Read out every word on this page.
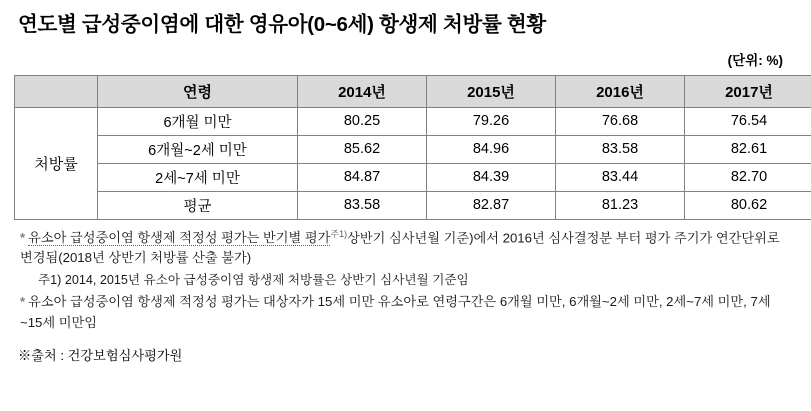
연도별 급성중이염에 대한 영유아(0~6세) 항생제 처방률 현황
(단위: %)
	연령	2014년	2015년	2016년	2017년
처방률	6개월 미만	80.25	79.26	76.68	76.54
	6개월~2세 미만	85.62	84.96	83.58	82.61
	2세~7세 미만	84.87	84.39	83.44	82.70
	평균	83.58	82.87	81.23	80.62
* 유소아 급성중이염 항생제 적정성 평가는 반기별 평가$^{주1)}$상반기 심사년월 기준)에서 2016년 심사결정분 부터 평가 주기가 연간단위로 변경됨(2018년 상반기 처방률 산출 불가)
주1) 2014, 2015년 유소아 급성중이염 항생제 처방률은 상반기 심사년월 기준임
* 유소아 급성중이염 항생제 적정성 평가는 대상자가 15세 미만 유소아로 연령구간은 6개월 미만, 6개월~2세 미만, 2세~7세 미만, 7세~15세 미만임
※출처 : 건강보험심사평가원
